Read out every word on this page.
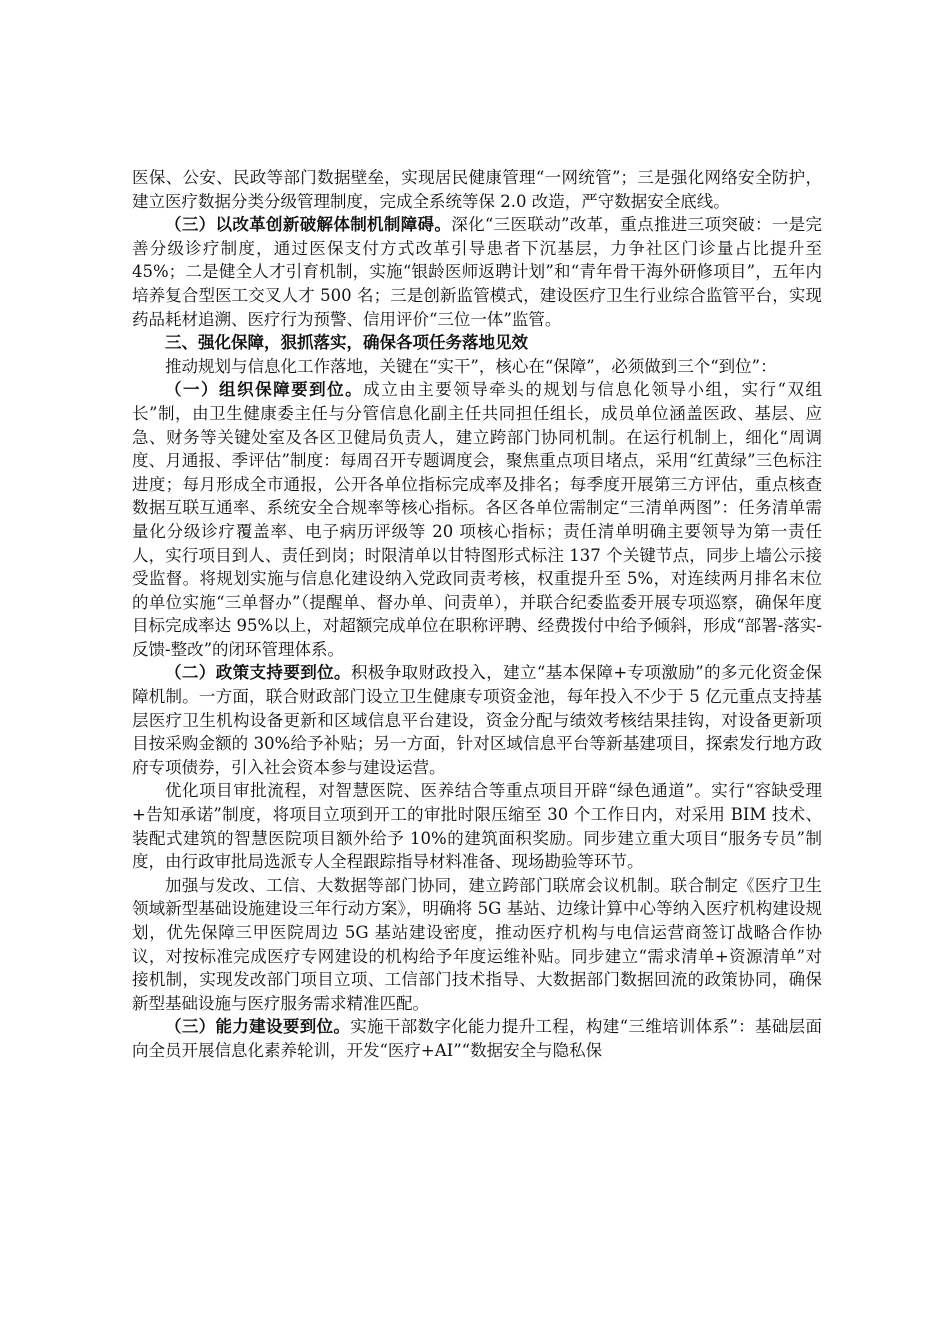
医保、公安、民政等部门数据壁垒，实现居民健康管理“一网统管”；三是强化网络安全防护，建立医疗数据分类分级管理制度，完成全系统等保 2.0 改造，严守数据安全底线。

（三）以改革创新破解体制机制障碍。深化“三医联动”改革，重点推进三项突破：一是完善分级诊疗制度，通过医保支付方式改革引导患者下沉基层，力争社区门诊量占比提升至 45%；二是健全人才引育机制，实施“银龄医师返聘计划”和“青年骨干海外研修项目”，五年内培养复合型医工交叉人才 500 名；三是创新监管模式，建设医疗卫生行业综合监管平台，实现药品耗材追溯、医疗行为预警、信用评价“三位一体”监管。

三、强化保障，狠抓落实，确保各项任务落地见效

推动规划与信息化工作落地，关键在“实干”，核心在“保障”，必须做到三个“到位”：

（一）组织保障要到位。成立由主要领导牵头的规划与信息化领导小组，实行“双组长”制，由卫生健康委主任与分管信息化副主任共同担任组长，成员单位涵盖医政、基层、应急、财务等关键处室及各区卫健局负责人，建立跨部门协同机制。在运行机制上，细化“周调度、月通报、季评估”制度：每周召开专题调度会，聚焦重点项目堵点，采用“红黄绿”三色标注进度；每月形成全市通报，公开各单位指标完成率及排名；每季度开展第三方评估，重点核查数据互联互通率、系统安全合规率等核心指标。各区各单位需制定“三清单两图”：任务清单需量化分级诊疗覆盖率、电子病历评级等 20 项核心指标；责任清单明确主要领导为第一责任人，实行项目到人、责任到岗；时限清单以甘特图形式标注 137 个关键节点，同步上墙公示接受监督。将规划实施与信息化建设纳入党政同责考核，权重提升至 5%，对连续两月排名末位的单位实施“三单督办”（提醒单、督办单、问责单），并联合纪委监委开展专项巡察，确保年度目标完成率达 95%以上，对超额完成单位在职称评聘、经费拨付中给予倾斜，形成“部署-落实-反馈-整改”的闭环管理体系。

（二）政策支持要到位。积极争取财政投入，建立“基本保障+专项激励”的多元化资金保障机制。一方面，联合财政部门设立卫生健康专项资金池，每年投入不少于 5 亿元重点支持基层医疗卫生机构设备更新和区域信息平台建设，资金分配与绩效考核结果挂钩，对设备更新项目按采购金额的 30%给予补贴；另一方面，针对区域信息平台等新基建项目，探索发行地方政府专项债券，引入社会资本参与建设运营。

优化项目审批流程，对智慧医院、医养结合等重点项目开辟“绿色通道”。实行“容缺受理+告知承诺”制度，将项目立项到开工的审批时限压缩至 30 个工作日内，对采用 BIM 技术、装配式建筑的智慧医院项目额外给予 10%的建筑面积奖励。同步建立重大项目“服务专员”制度，由行政审批局选派专人全程跟踪指导材料准备、现场勘验等环节。

加强与发改、工信、大数据等部门协同，建立跨部门联席会议机制。联合制定《医疗卫生领域新型基础设施建设三年行动方案》，明确将 5G 基站、边缘计算中心等纳入医疗机构建设规划，优先保障三甲医院周边 5G 基站建设密度，推动医疗机构与电信运营商签订战略合作协议，对按标准完成医疗专网建设的机构给予年度运维补贴。同步建立“需求清单+资源清单”对接机制，实现发改部门项目立项、工信部门技术指导、大数据部门数据回流的政策协同，确保新型基础设施与医疗服务需求精准匹配。

（三）能力建设要到位。实施干部数字化能力提升工程，构建“三维培训体系”：基础层面向全员开展信息化素养轮训，开发“医疗+AI”“数据安全与隐私保
